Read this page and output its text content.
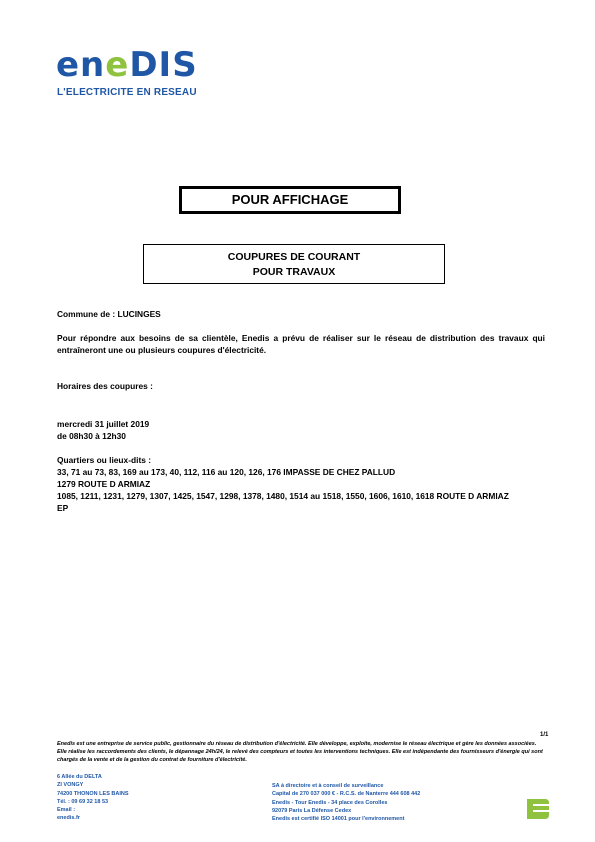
eneDIS
L'ELECTRICITE EN RESEAU
POUR AFFICHAGE
COUPURES DE COURANT
POUR TRAVAUX
Commune de : LUCINGES
Pour répondre aux besoins de sa clientèle, Enedis a prévu de réaliser sur le réseau de distribution des travaux qui entraîneront une ou plusieurs coupures d'électricité.
Horaires des coupures :
mercredi 31 juillet 2019
de 08h30 à 12h30
Quartiers ou lieux-dits :
33, 71 au 73, 83, 169 au 173, 40, 112, 116 au 120, 126, 176 IMPASSE DE CHEZ PALLUD
1279 ROUTE D ARMIAZ
1085, 1211, 1231, 1279, 1307, 1425, 1547, 1298, 1378, 1480, 1514 au 1518, 1550, 1606, 1610, 1618 ROUTE D ARMIAZ
EP
1/1
Enedis est une entreprise de service public, gestionnaire du réseau de distribution d'électricité. Elle développe, exploite, modernise le réseau électrique et gère les données associées. Elle réalise les raccordements des clients, le dépannage 24h/24, le relevé des compteurs et toutes les interventions techniques. Elle est indépendante des fournisseurs d'énergie qui sont chargés de la vente et de la gestion du contrat de fourniture d'électricité.
6 Allée du DELTA
ZI VONGY
74200 THONON LES BAINS
Tél. : 09 69 32 18 53
Email :
enedis.fr
SA à directoire et à conseil de surveillance
Capital de 270 037 000 € - R.C.S. de Nanterre 444 608 442
Enedis - Tour Enedis - 34 place des Corolles
92079 Paris La Défense Cedex
Enedis est certifié ISO 14001 pour l'environnement
